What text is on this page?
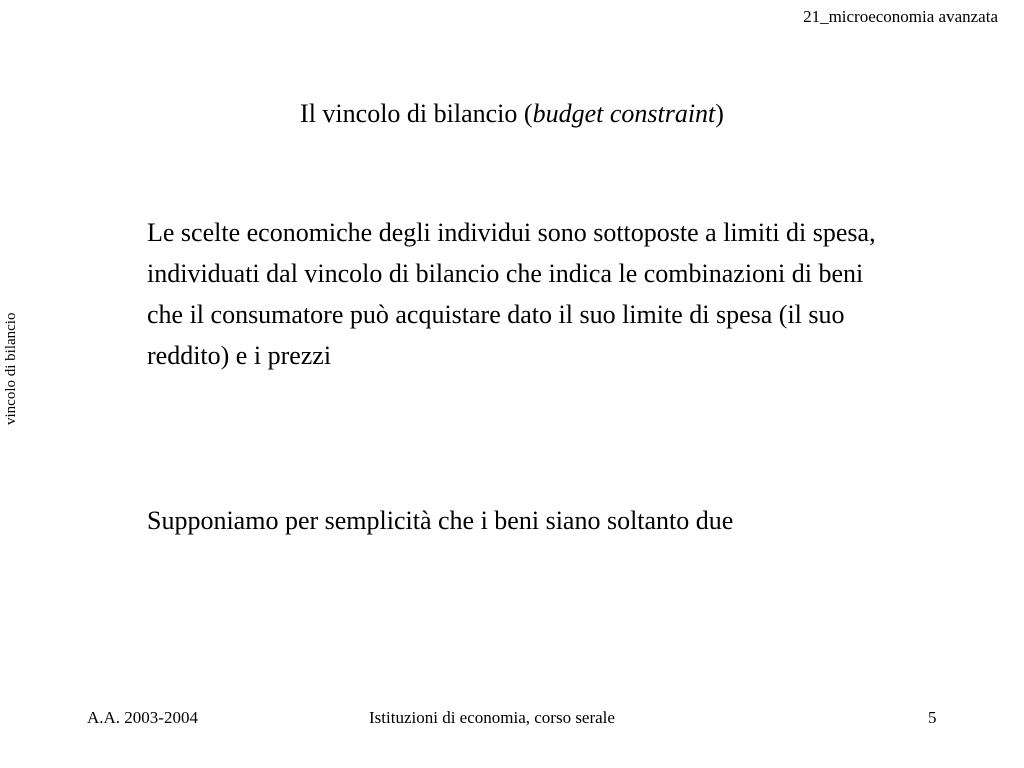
21_microeconomia avanzata
vincolo di bilancio
Il vincolo di bilancio (budget constraint)
Le scelte economiche degli individui sono sottoposte a limiti di spesa, individuati dal vincolo di bilancio che indica le combinazioni di beni che il consumatore può acquistare dato il suo limite di spesa (il suo reddito) e i prezzi
Supponiamo per semplicità che i beni siano soltanto due
A.A. 2003-2004	Istituzioni di economia, corso serale	5
